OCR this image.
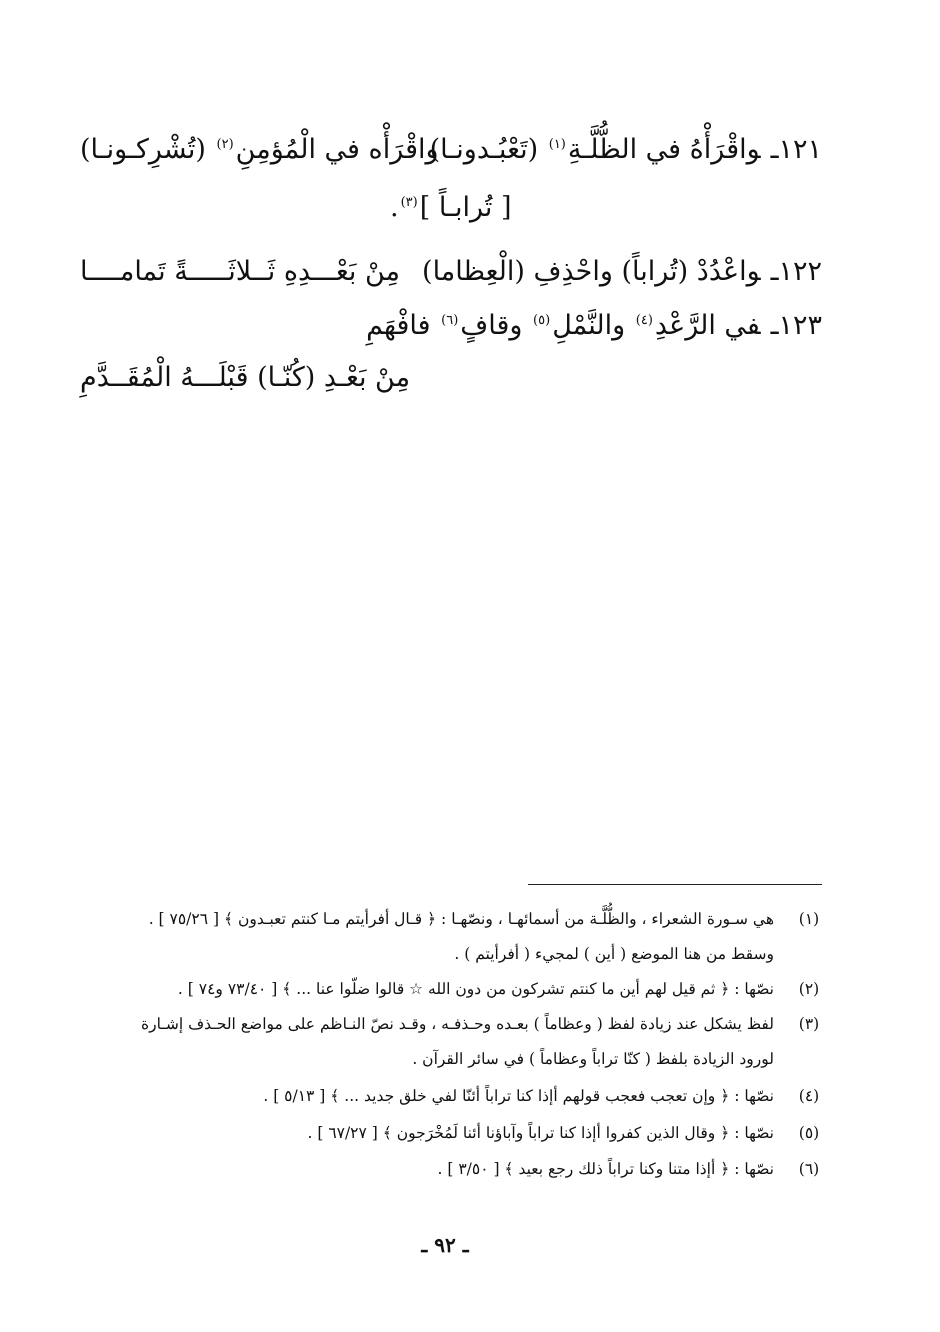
١٢١ـواقْرَأْهُ في الظُّلَّـةِ$^{(١)}$ (تَعْبُـدونـا)
واقْرَأْه في الْمُؤمِنِ$^{(٢)}$ (تُشْرِكـونـا)
[ تُرابـاً ]$^{(٣)}$.
١٢٢ـواعْدُدْ (تُراباً) واحْذِفِ (الْعِظاما)
مِنْ بَعْـــدِهِ ثَــلاثَـــــةً تَمامــــا
١٢٣ـفي الرَّعْدِ$^{(٤)}$ والنَّمْلِ$^{(٥)}$ وقافٍ$^{(٦)}$ فافْهَمِ
مِنْ بَعْـدِ (كُنّـا) قَبْلَـــهُ الْمُقَــدَّمِ
(١)
هي سـورة الشعراء ، والظُّلَّـة من أسمائهـا ، ونصّهـا : ﴿ قـال أفرأيتم مـا كنتم تعبـدون ﴾ [ ٧٥/٢٦ ] .
وسقط من هنا الموضع ( أين ) لمجيء ( أفرأيتم ) .
(٢)
نصّها : ﴿ ثم قيل لهم أين ما كنتم تشركون من دون الله ☆ قالوا ضلّوا عنا ... ﴾ [ ٧٣/٤٠ و٧٤ ] .
(٣)
لفظ يشكل عند زيادة لفظ ( وعظاماً ) بعـده وحـذفـه ، وقـد نصّ النـاظم على مواضع الحـذف إشـارة
لورود الزيادة بلفظ ( كنّا تراباً وعظاماً ) في سائر القرآن .
(٤)
نصّها : ﴿ وإن تعجب فعجب قولهم أإذا كنا تراباً أئنّا لفي خلق جديد ... ﴾ [ ٥/١٣ ] .
(٥)
نصّها : ﴿ وقال الذين كفروا أإذا كنا تراباً وآباؤنا أئنا لَمُخْرَجون ﴾ [ ٦٧/٢٧ ] .
(٦)
نصّها : ﴿ أإذا متنا وكنا تراباً ذلك رجع بعيد ﴾ [ ٣/٥٠ ] .
ـ ٩٢ ـ
